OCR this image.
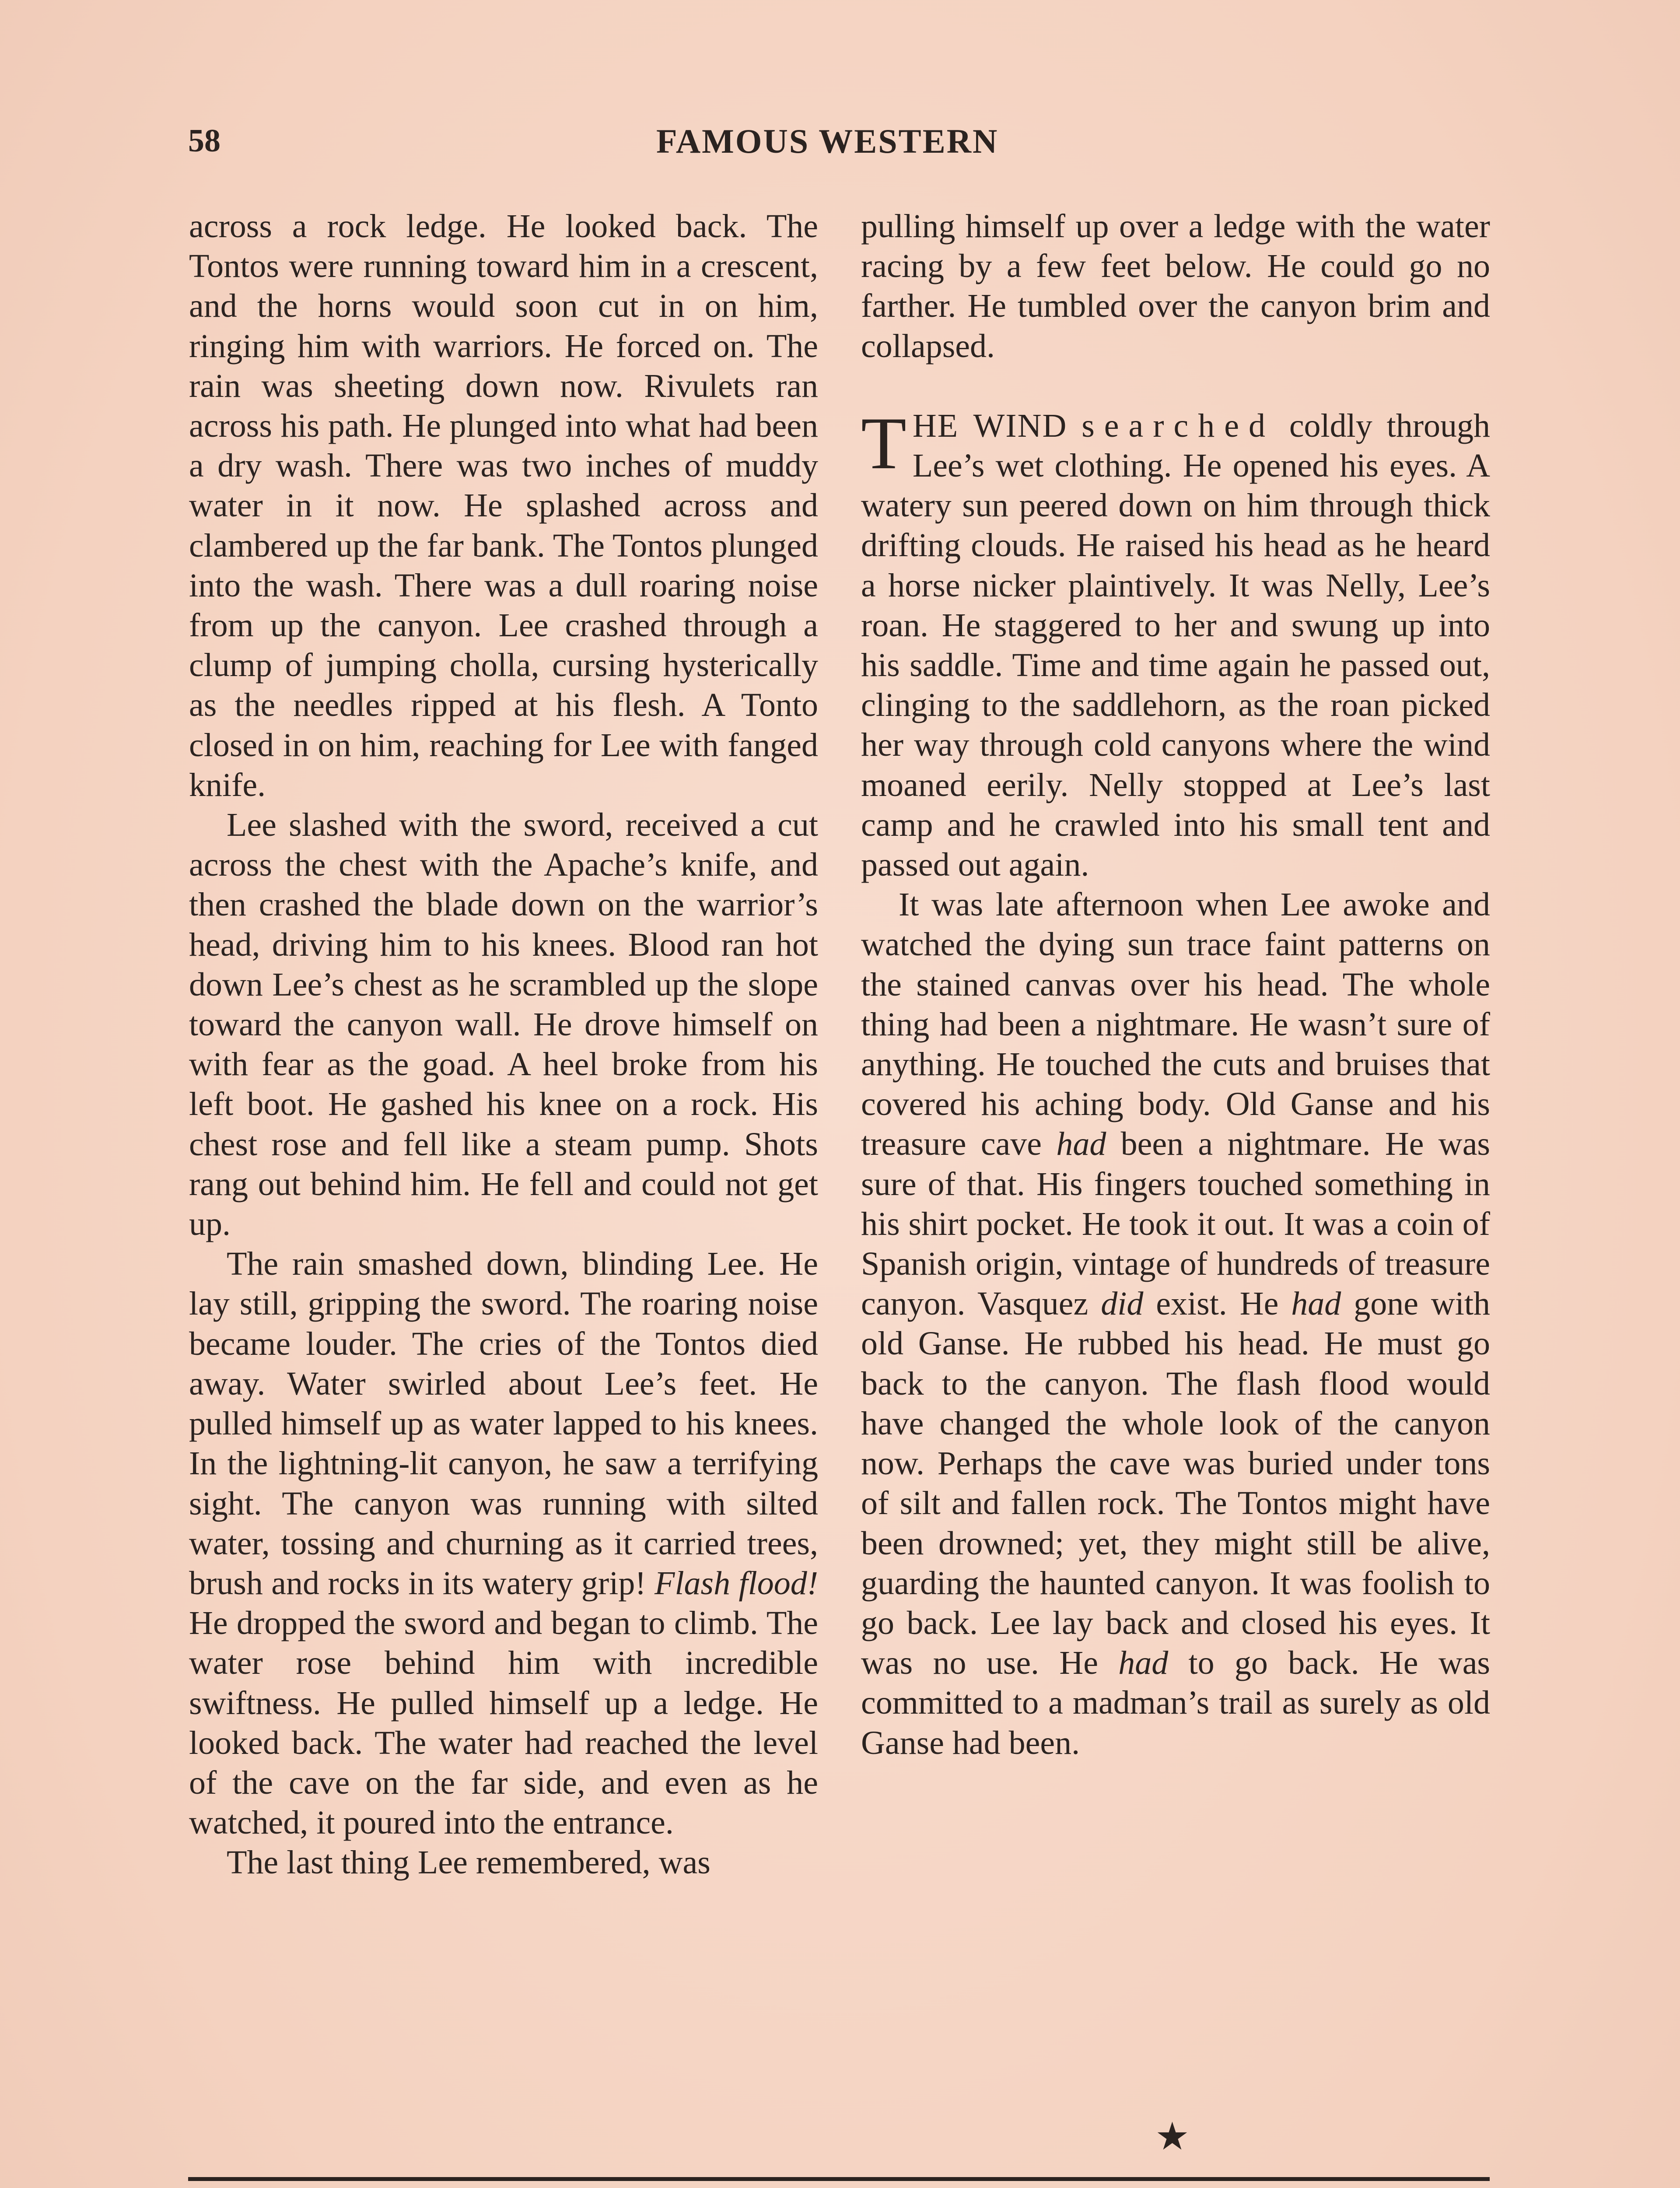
58	FAMOUS WESTERN

across a rock ledge. He looked back. The Tontos were running toward him in a crescent, and the horns would soon cut in on him, ringing him with warriors. He forced on. The rain was sheeting down now. Rivulets ran across his path. He plunged into what had been a dry wash. There was two inches of muddy water in it now. He splashed across and clambered up the far bank. The Tontos plunged into the wash. There was a dull roaring noise from up the canyon. Lee crashed through a clump of jumping cholla, cursing hysterically as the needles ripped at his flesh. A Tonto closed in on him, reaching for Lee with fanged knife.

Lee slashed with the sword, received a cut across the chest with the Apache’s knife, and then crashed the blade down on the warrior’s head, driving him to his knees. Blood ran hot down Lee’s chest as he scrambled up the slope toward the canyon wall. He drove himself on with fear as the goad. A heel broke from his left boot. He gashed his knee on a rock. His chest rose and fell like a steam pump. Shots rang out behind him. He fell and could not get up.

The rain smashed down, blinding Lee. He lay still, gripping the sword. The roaring noise became louder. The cries of the Tontos died away. Water swirled about Lee’s feet. He pulled himself up as water lapped to his knees. In the lightning-lit canyon, he saw a terrifying sight. The canyon was running with silted water, tossing and churning as it carried trees, brush and rocks in its watery grip! Flash flood! He dropped the sword and began to climb. The water rose behind him with incredible swiftness. He pulled himself up a ledge. He looked back. The water had reached the level of the cave on the far side, and even as he watched, it poured into the entrance.

The last thing Lee remembered, was

pulling himself up over a ledge with the water racing by a few feet below. He could go no farther. He tumbled over the canyon brim and collapsed.

THE WIND searched coldly through Lee’s wet clothing. He opened his eyes. A watery sun peered down on him through thick drifting clouds. He raised his head as he heard a horse nicker plaintively. It was Nelly, Lee’s roan. He staggered to her and swung up into his saddle. Time and time again he passed out, clinging to the saddlehorn, as the roan picked her way through cold canyons where the wind moaned eerily. Nelly stopped at Lee’s last camp and he crawled into his small tent and passed out again.

It was late afternoon when Lee awoke and watched the dying sun trace faint patterns on the stained canvas over his head. The whole thing had been a nightmare. He wasn’t sure of anything. He touched the cuts and bruises that covered his aching body. Old Ganse and his treasure cave had been a nightmare. He was sure of that. His fingers touched something in his shirt pocket. He took it out. It was a coin of Spanish origin, vintage of hundreds of treasure canyon. Vasquez did exist. He had gone with old Ganse. He rubbed his head. He must go back to the canyon. The flash flood would have changed the whole look of the canyon now. Perhaps the cave was buried under tons of silt and fallen rock. The Tontos might have been drowned; yet, they might still be alive, guarding the haunted canyon. It was foolish to go back. Lee lay back and closed his eyes. It was no use. He had to go back. He was committed to a madman’s trail as surely as old Ganse had been.

★
